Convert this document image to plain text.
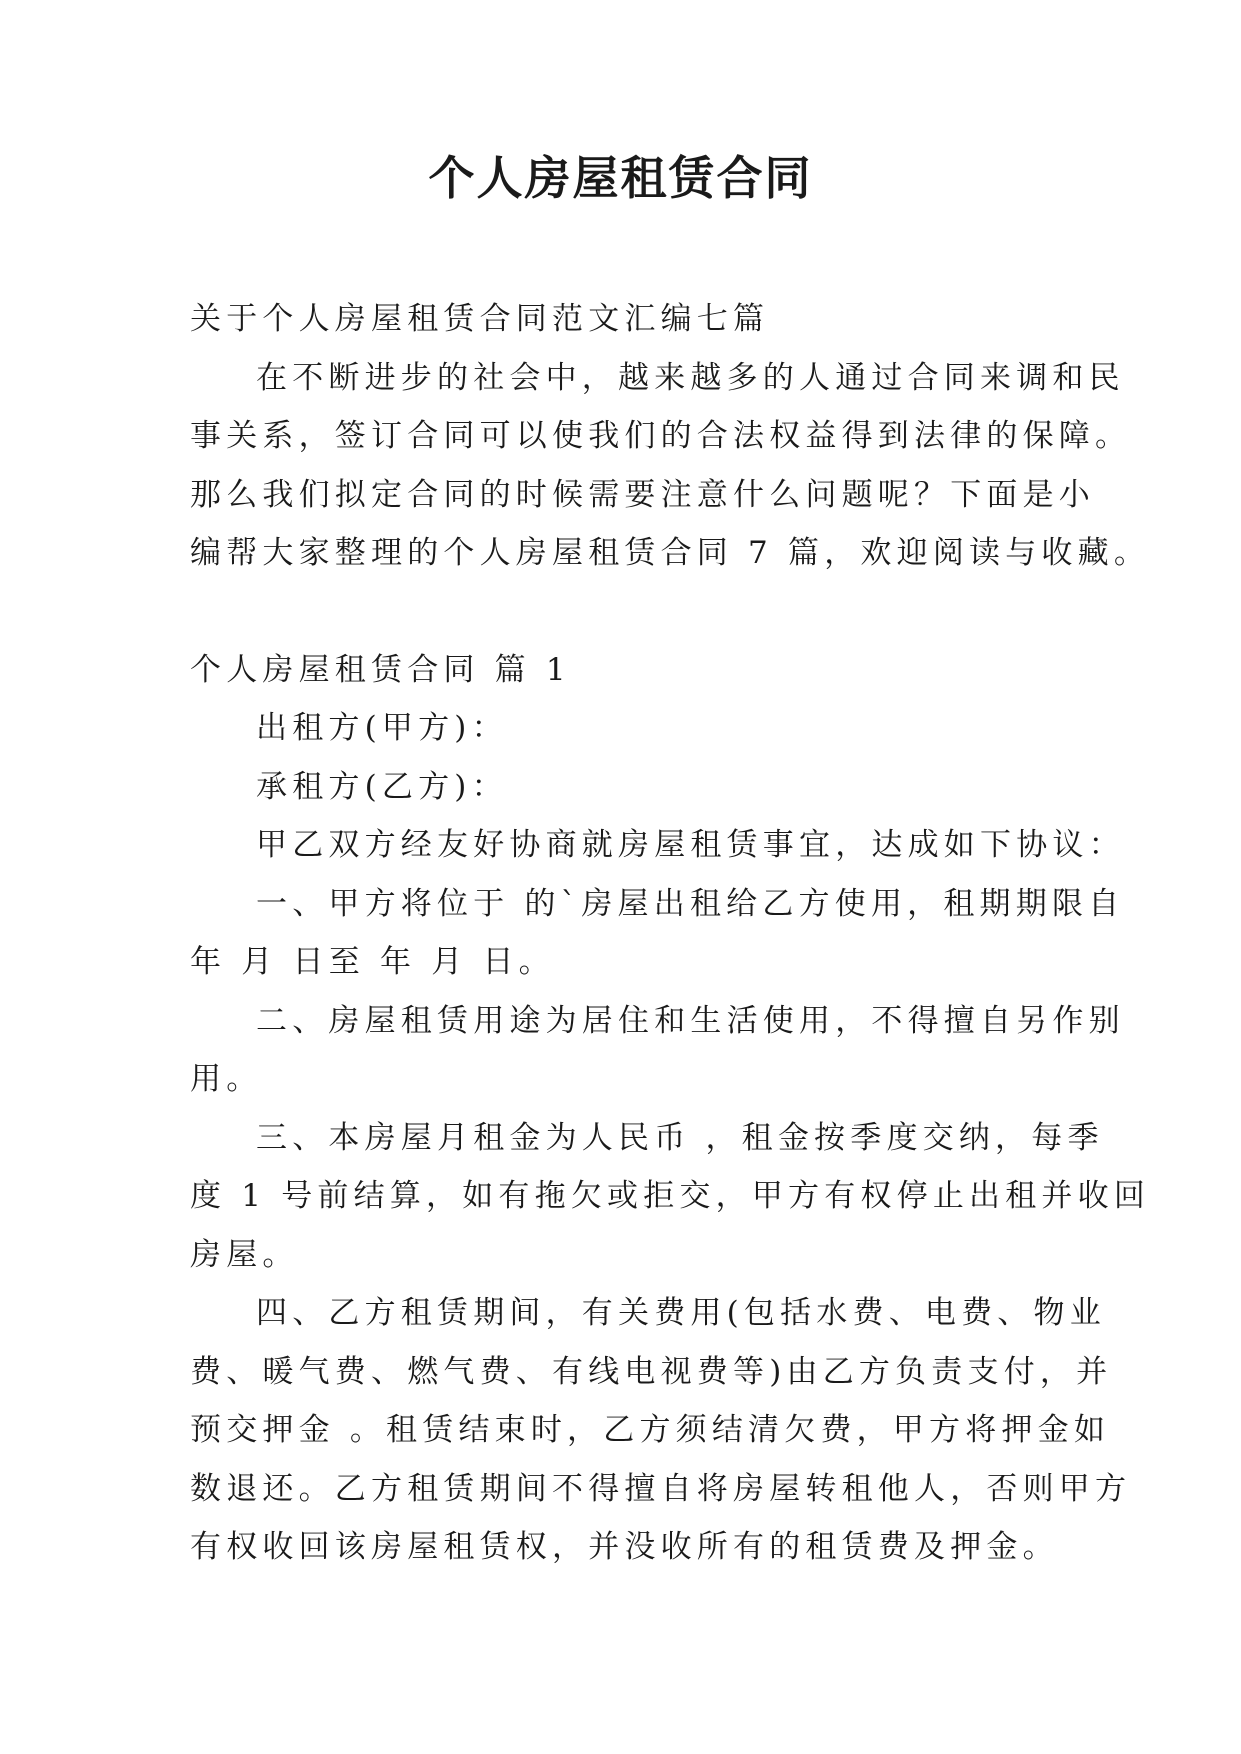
个人房屋租赁合同

关于个人房屋租赁合同范文汇编七篇

在不断进步的社会中，越来越多的人通过合同来调和民

事关系，签订合同可以使我们的合法权益得到法律的保障。

那么我们拟定合同的时候需要注意什么问题呢？下面是小

编帮大家整理的个人房屋租赁合同 7 篇，欢迎阅读与收藏。

个人房屋租赁合同 篇 1

出租方(甲方)：

承租方(乙方)：

甲乙双方经友好协商就房屋租赁事宜，达成如下协议：

一、甲方将位于 的`房屋出租给乙方使用，租期期限自

年 月 日至 年 月 日。

二、房屋租赁用途为居住和生活使用，不得擅自另作别

用。

三、本房屋月租金为人民币 ，租金按季度交纳，每季

度 1 号前结算，如有拖欠或拒交，甲方有权停止出租并收回

房屋。

四、乙方租赁期间，有关费用(包括水费、电费、物业

费、暖气费、燃气费、有线电视费等)由乙方负责支付，并

预交押金 。租赁结束时，乙方须结清欠费，甲方将押金如

数退还。乙方租赁期间不得擅自将房屋转租他人，否则甲方

有权收回该房屋租赁权，并没收所有的租赁费及押金。
